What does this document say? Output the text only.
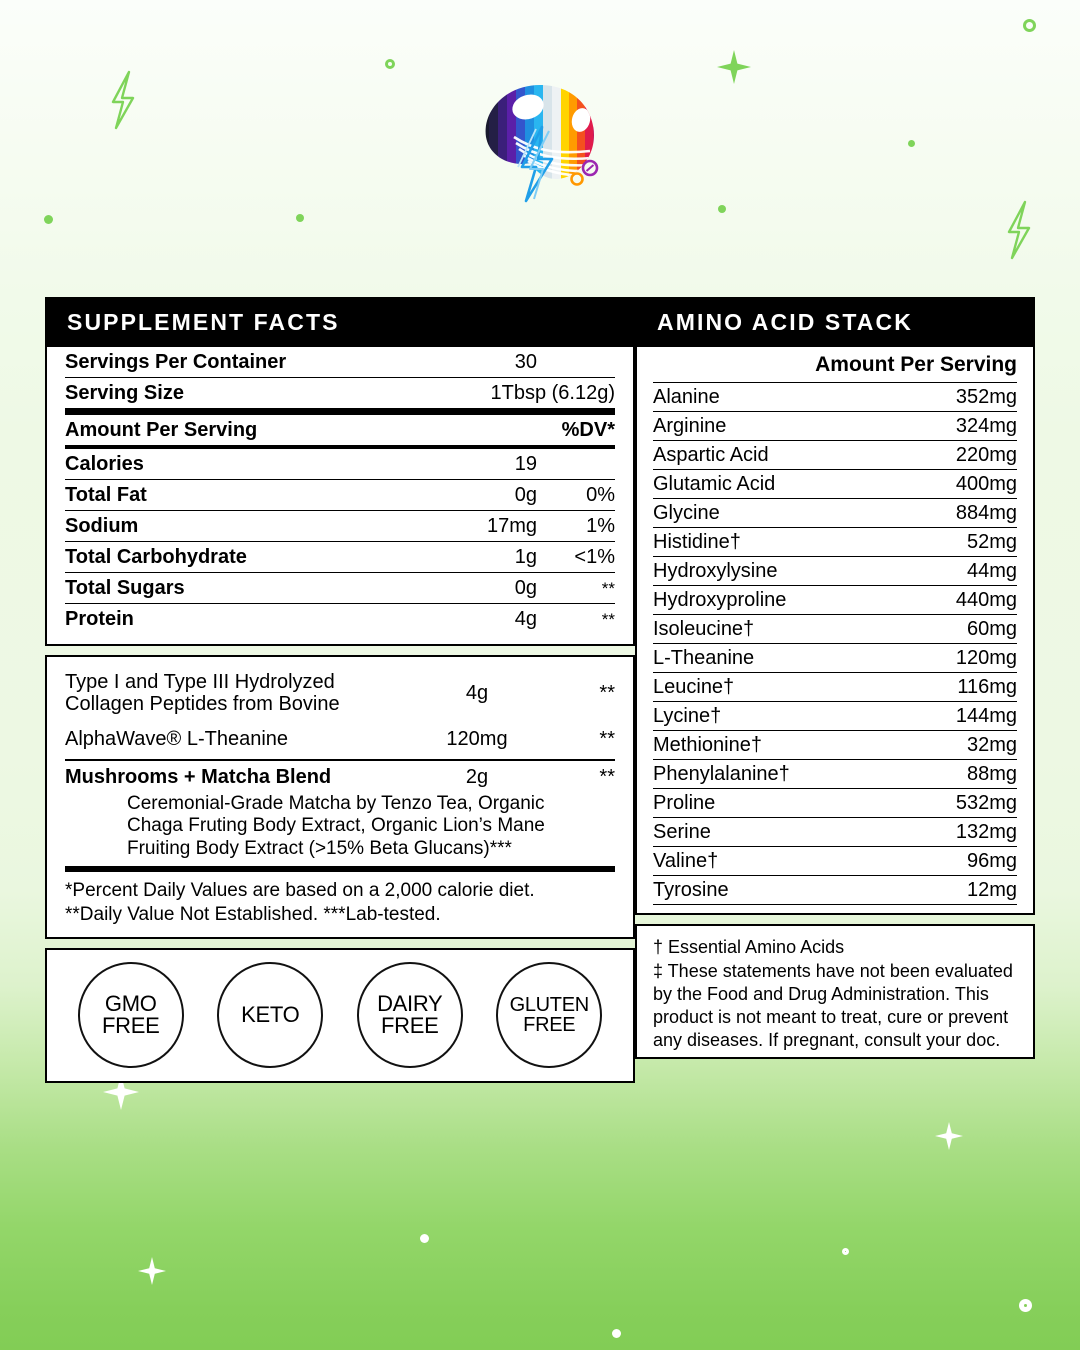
SUPPLEMENT FACTS
Servings Per Container	30
Serving Size	1Tbsp (6.12g)
Amount Per Serving	%DV*
Calories	19
Total Fat	0g	0%
Sodium	17mg	1%
Total Carbohydrate	1g	<1%
Total Sugars	0g	**
Protein	4g	**
Type I and Type III Hydrolyzed
Collagen Peptides from Bovine
4g	**
AlphaWave® L-Theanine	120mg	**
Mushrooms + Matcha Blend	2g	**
Ceremonial-Grade Matcha by Tenzo Tea, Organic
Chaga Fruting Body Extract, Organic Lion’s Mane
Fruiting Body Extract (>15% Beta Glucans)***
*Percent Daily Values are based on a 2,000 calorie diet.
**Daily Value Not Established. ***Lab-tested.
GMO
FREE	KETO	DAIRY
FREE
GLUTEN
FREE
AMINO ACID STACK
Amount Per Serving
Alanine	352mg
Arginine	324mg
Aspartic Acid	220mg
Glutamic Acid	400mg
Glycine	884mg
Histidine†	52mg
Hydroxylysine	44mg
Hydroxyproline	440mg
Isoleucine†	60mg
L-Theanine	120mg
Leucine†	116mg
Lycine†	144mg
Methionine†	32mg
Phenylalanine†	88mg
Proline	532mg
Serine	132mg
Valine†	96mg
Tyrosine	12mg
† Essential Amino Acids
‡ These statements have not been evaluated
by the Food and Drug Administration. This
product is not meant to treat, cure or prevent
any diseases. If pregnant, consult your doc.
